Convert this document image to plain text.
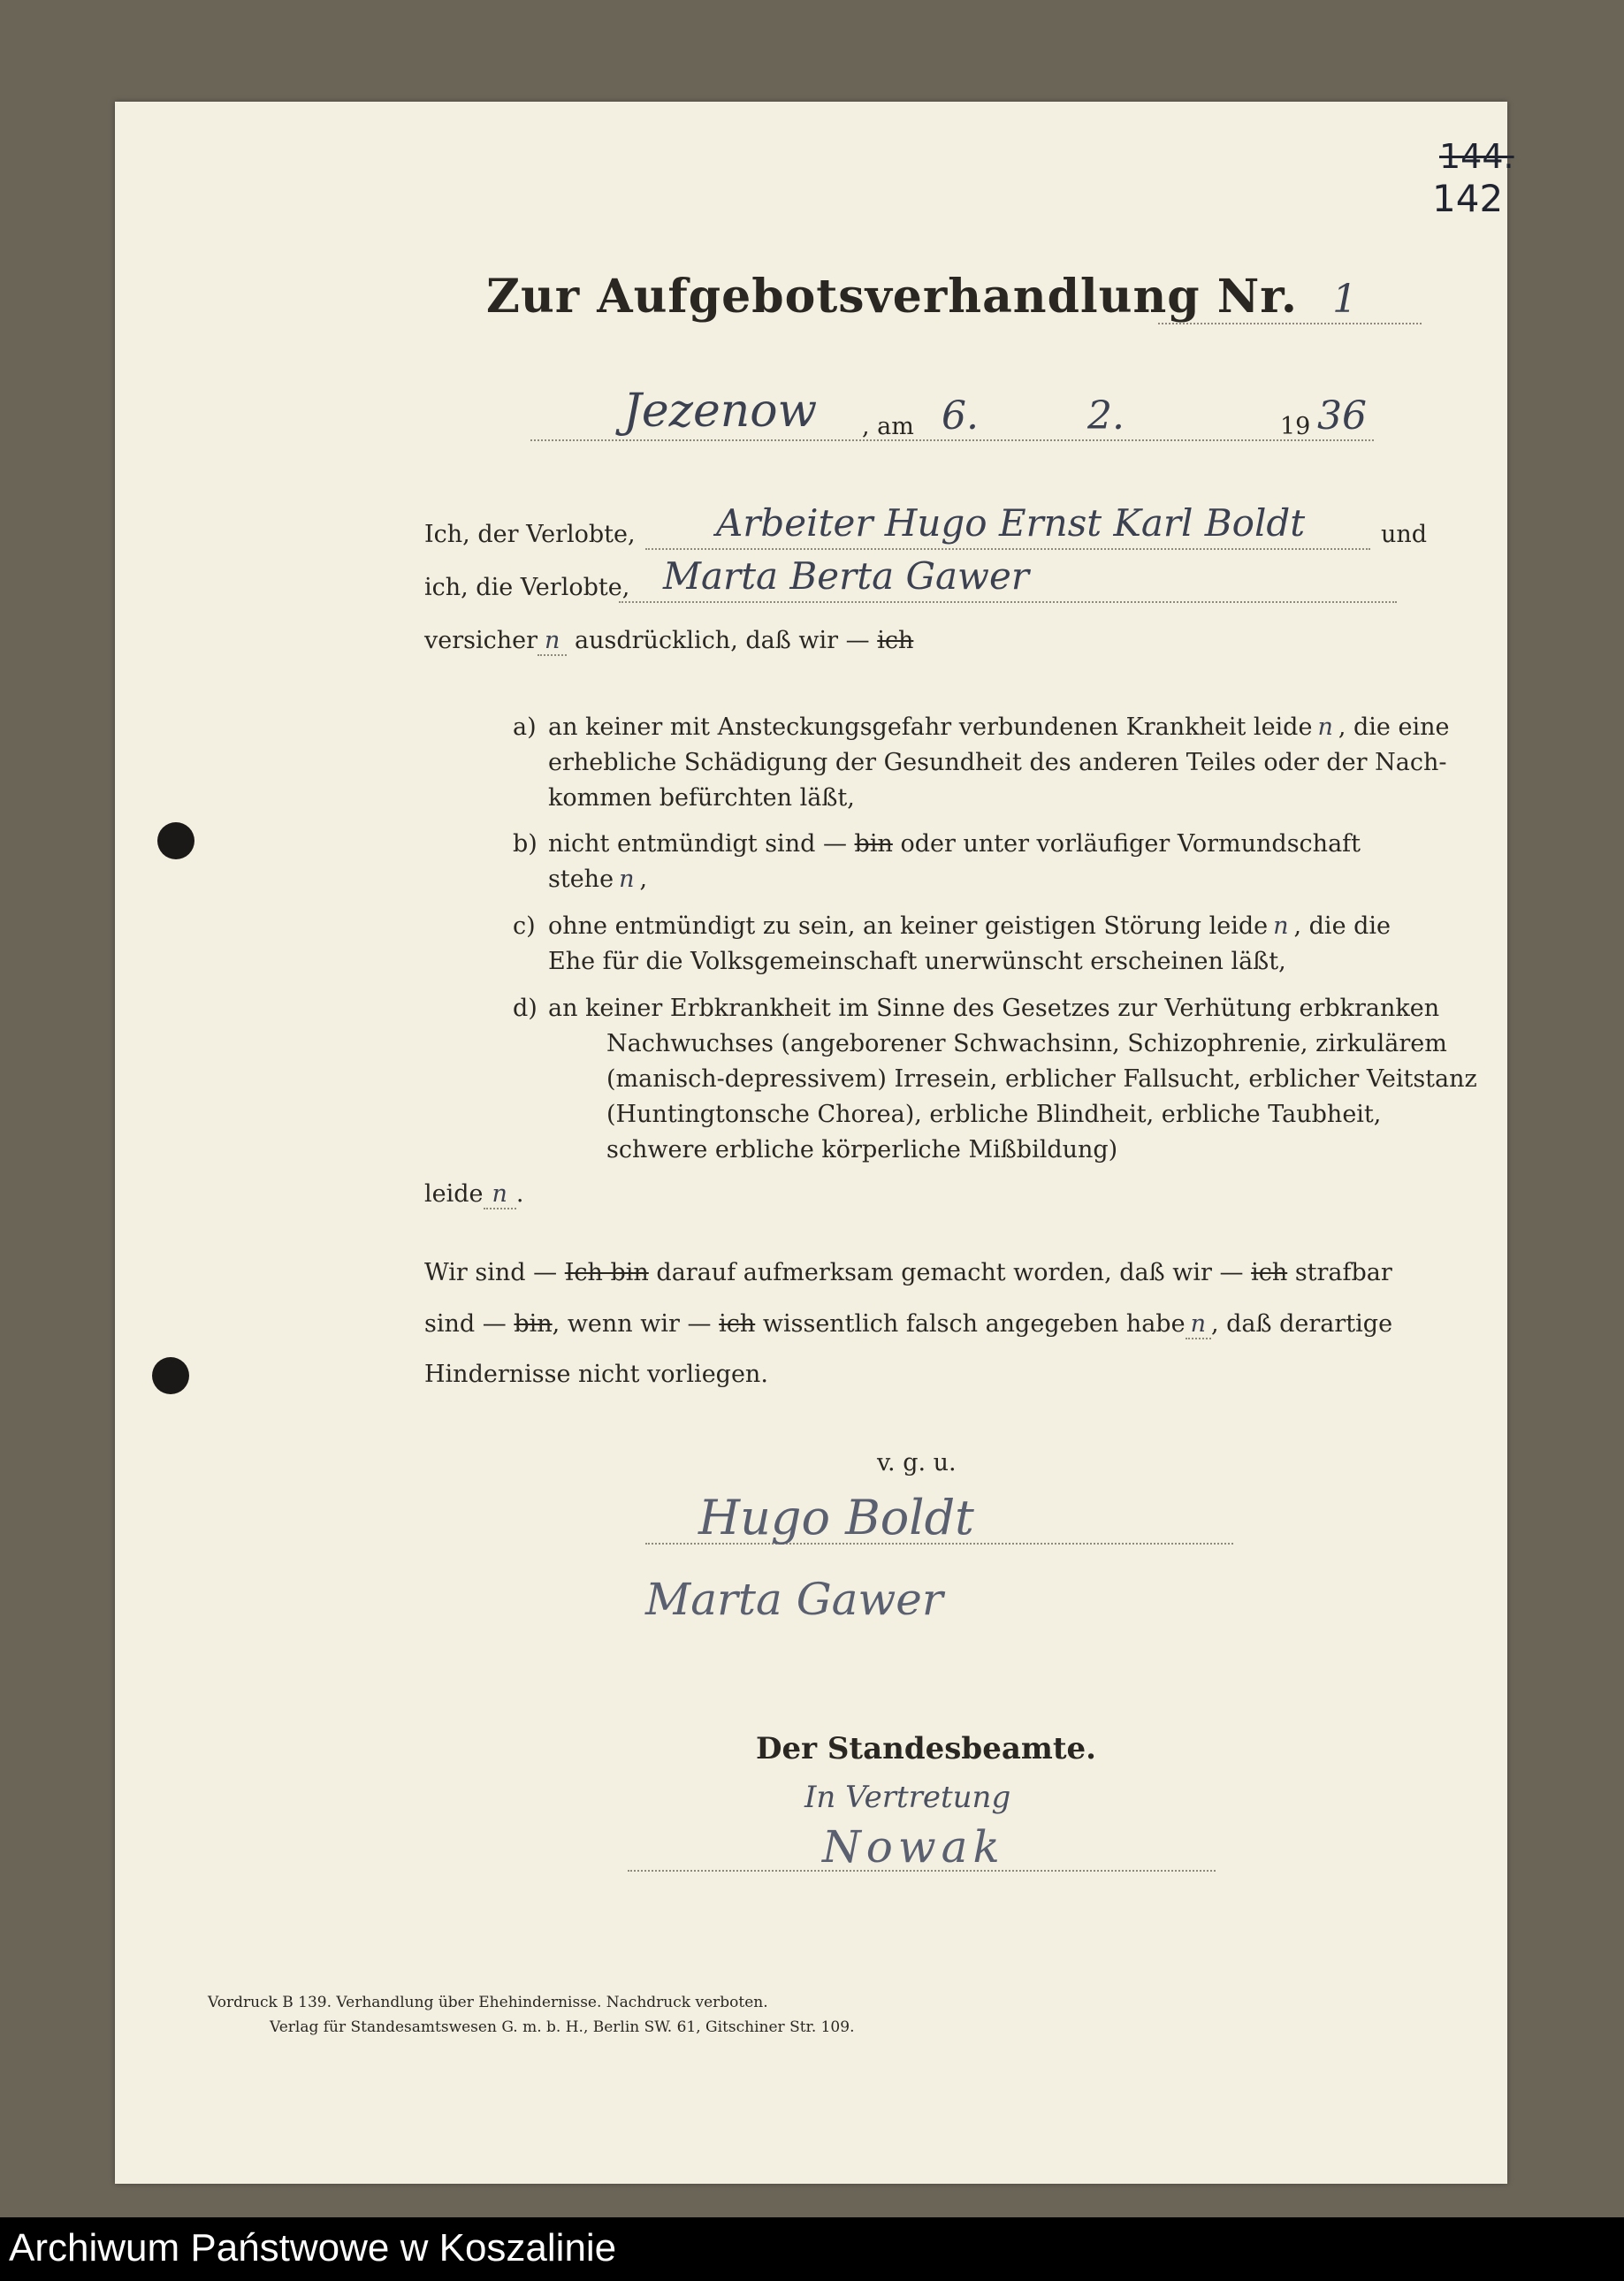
144.
142
Zur Aufgebotsverhandlung Nr. 1
Jezenow , am 6.	2.	19 36
Ich, der Verlobte, Arbeiter Hugo Ernst Karl Boldt	und
ich, die Verlobte, Marta Berta Gawer
versicher n ausdrücklich, daß wir — ich
a) an keiner mit Ansteckungsgefahr verbundenen Krankheit leide n , die eine
erhebliche Schädigung der Gesundheit des anderen Teiles oder der Nach-
kommen befürchten läßt,
b) nicht entmündigt sind — bin oder unter vorläufiger Vormundschaft
stehe n ,
c) ohne entmündigt zu sein, an keiner geistigen Störung leide n , die die
Ehe für die Volksgemeinschaft unerwünscht erscheinen läßt,
d) an keiner Erbkrankheit im Sinne des Gesetzes zur Verhütung erbkranken
Nachwuchses (angeborener Schwachsinn, Schizophrenie, zirkulärem
(manisch-depressivem) Irresein, erblicher Fallsucht, erblicher Veitstanz
(Huntingtonsche Chorea), erbliche Blindheit, erbliche Taubheit,
schwere erbliche körperliche Mißbildung)
leide n .
Wir sind — Ich bin darauf aufmerksam gemacht worden, daß wir — ich strafbar
sind — bin, wenn wir — ich wissentlich falsch angegeben habe n , daß derartige
Hindernisse nicht vorliegen.
v. g. u.
Hugo Boldt
Marta Gawer
Der Standesbeamte.
In Vertretung
Nowak
Vordruck B 139. Verhandlung über Ehehindernisse. Nachdruck verboten.
Verlag für Standesamtswesen G. m. b. H., Berlin SW. 61, Gitschiner Str. 109.
Archiwum Państwowe w Koszalinie
